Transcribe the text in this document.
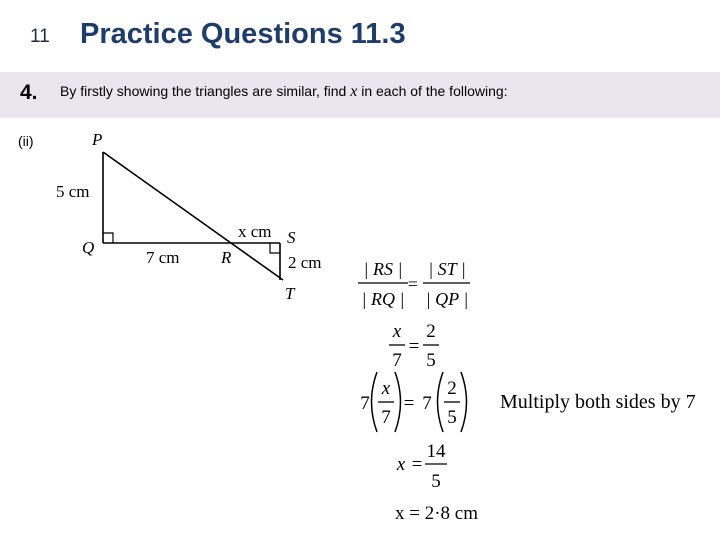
11 Practice Questions 11.3
4. By firstly showing the triangles are similar, find x in each of the following:
(ii)	P
Q
R
S
T
5 cm
7 cm
x cm
2 cm | RS |
| RQ |
=
| ST |
| QP |
x
7
=
2
5
7
x
7
= 7
2
5
x =
14
5
x = 2·8 cm
Multiply both sides by 7
